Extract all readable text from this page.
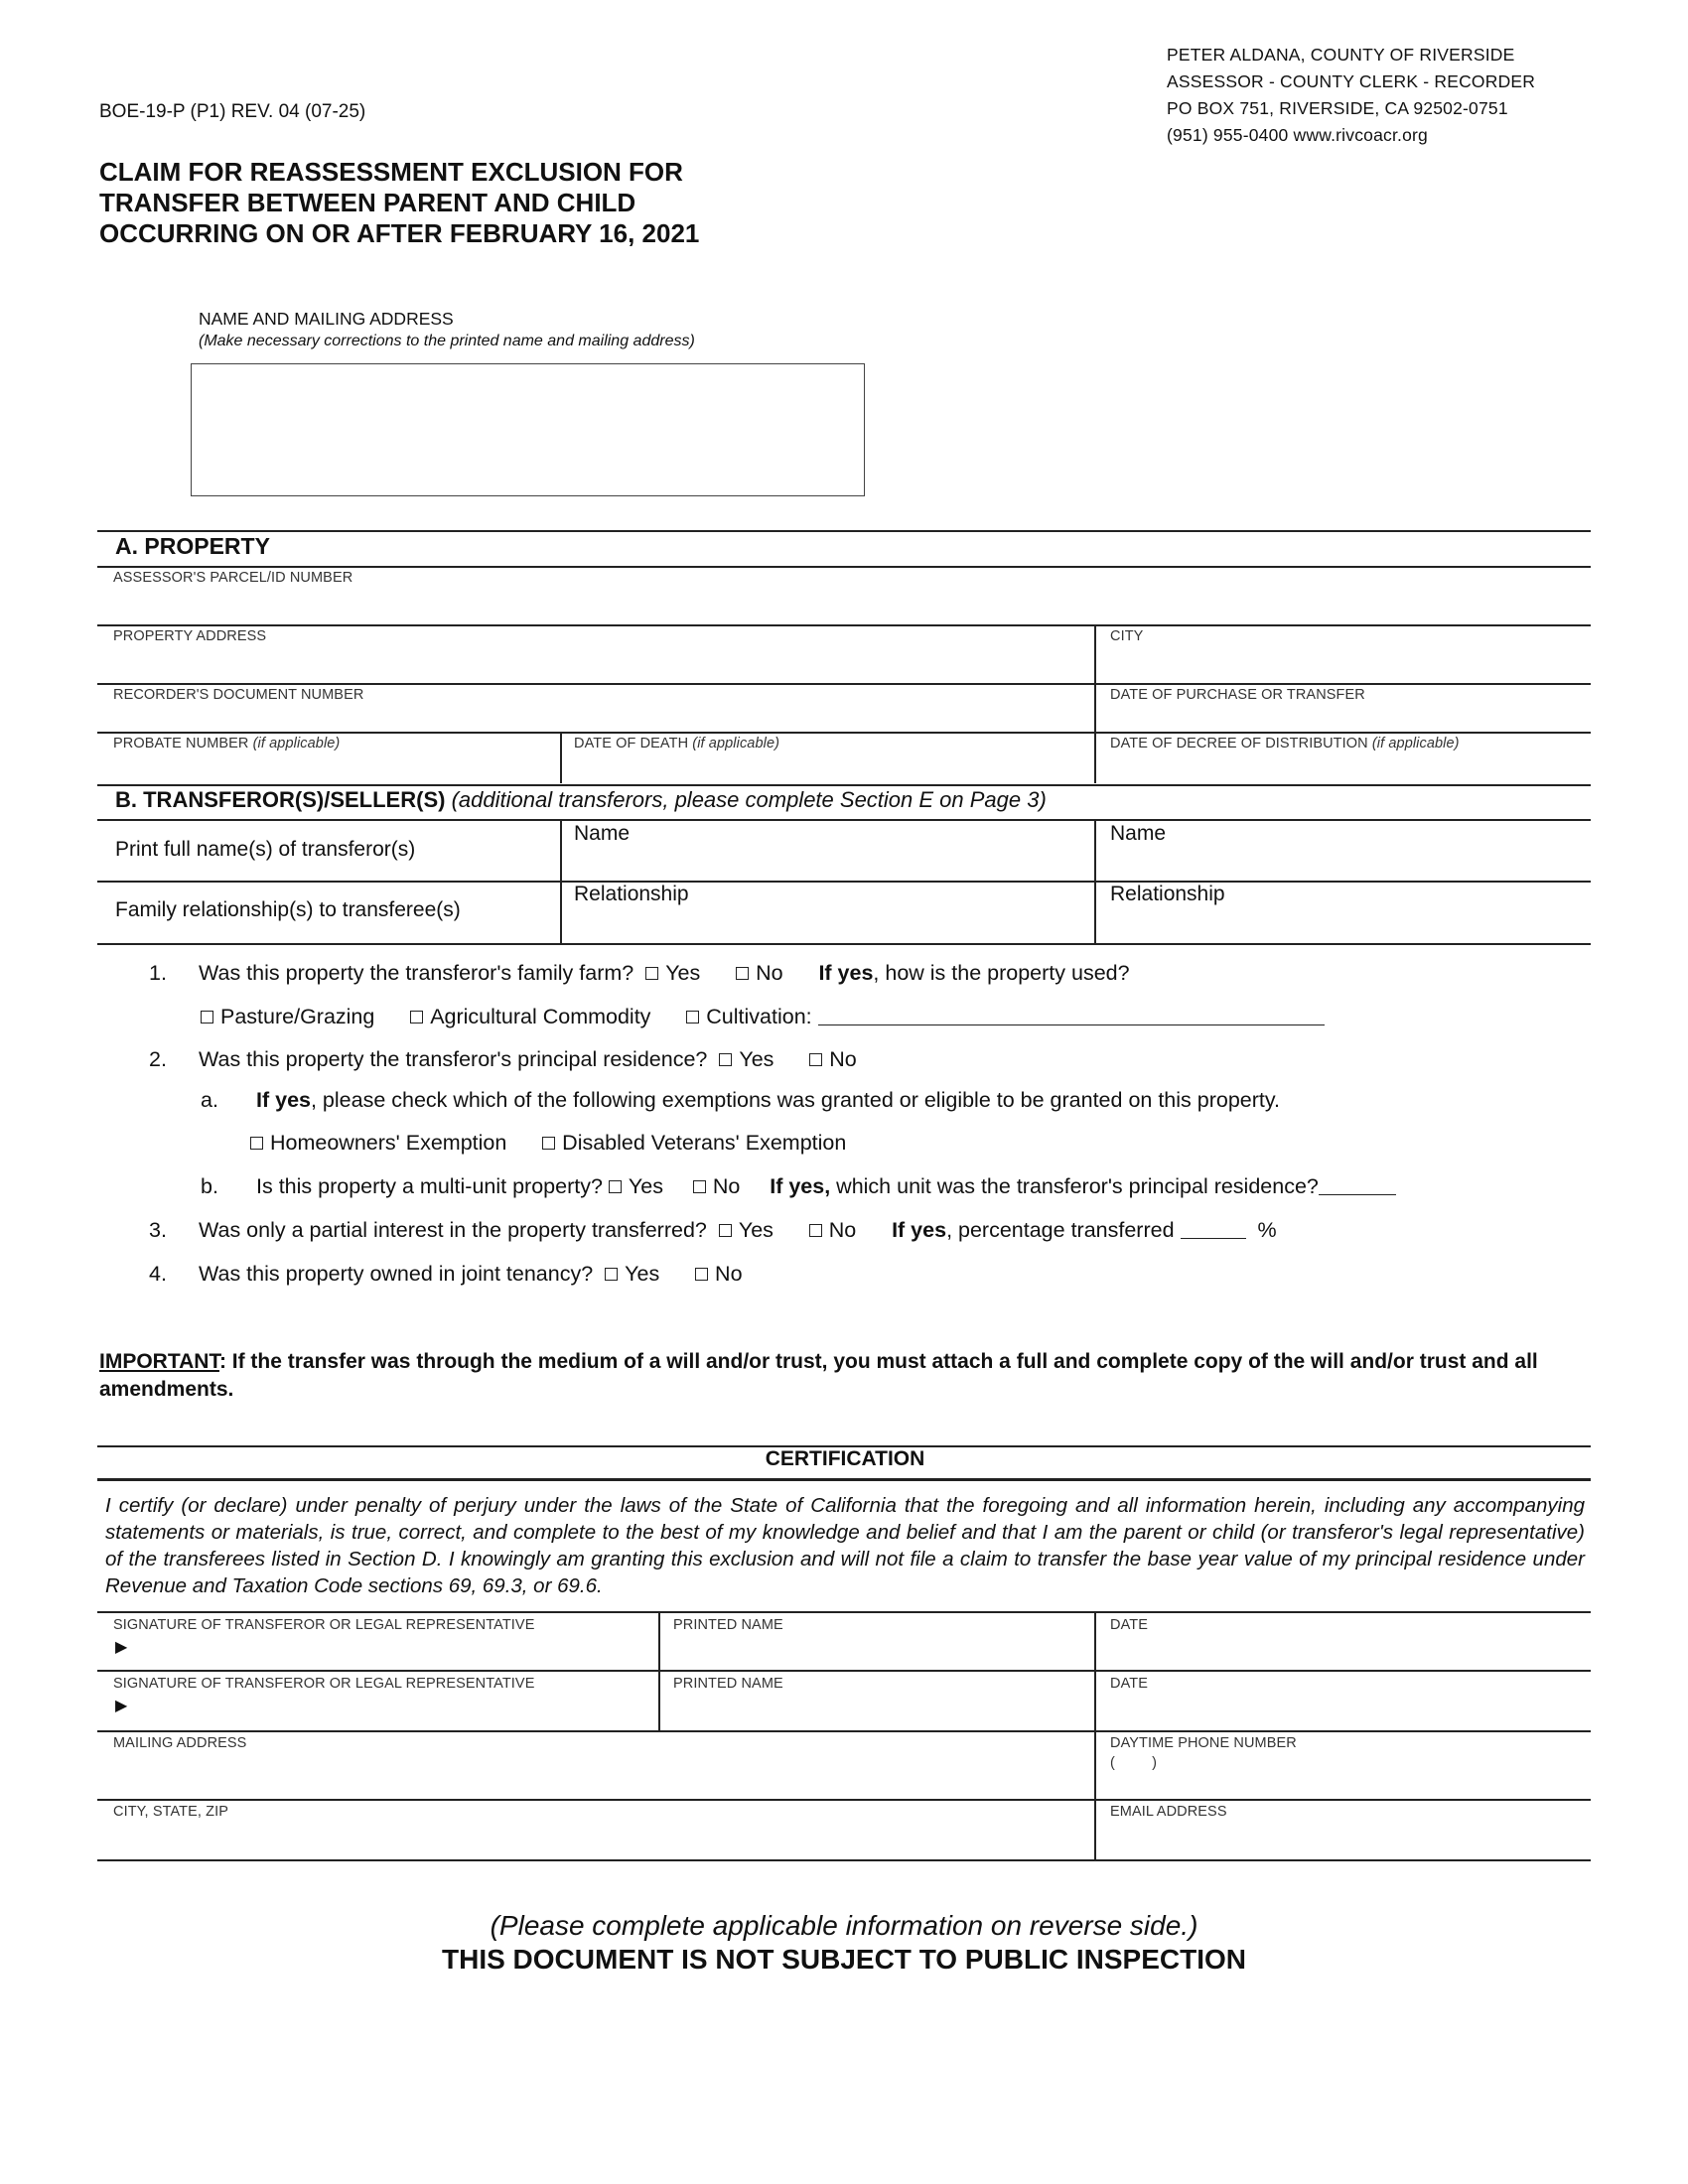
BOE-19-P (P1) REV. 04 (07-25)
PETER ALDANA, COUNTY OF RIVERSIDE
ASSESSOR - COUNTY CLERK - RECORDER
PO BOX 751, RIVERSIDE, CA 92502-0751
(951) 955-0400 www.rivcoacr.org
CLAIM FOR REASSESSMENT EXCLUSION FOR
TRANSFER BETWEEN PARENT AND CHILD
OCCURRING ON OR AFTER FEBRUARY 16, 2021
NAME AND MAILING ADDRESS
(Make necessary corrections to the printed name and mailing address)
A. PROPERTY
ASSESSOR'S PARCEL/ID NUMBER
PROPERTY ADDRESS	CITY
RECORDER'S DOCUMENT NUMBER	DATE OF PURCHASE OR TRANSFER
PROBATE NUMBER (if applicable)	DATE OF DEATH (if applicable)	DATE OF DECREE OF DISTRIBUTION (if applicable)
B. TRANSFEROR(S)/SELLER(S) (additional transferors, please complete Section E on Page 3)
Print full name(s) of transferor(s)
Name	Name
Family relationship(s) to transferee(s)
Relationship	Relationship
1. Was this property the transferor's family farm? Yes	No If yes, how is the property used?
Pasture/Grazing	Agricultural Commodity	Cultivation:
2. Was this property the transferor's principal residence? Yes	No
a. If yes, please check which of the following exemptions was granted or eligible to be granted on this property.
Homeowners' Exemption	Disabled Veterans' Exemption
b. Is this property a multi-unit property? Yes No If yes, which unit was the transferor's principal residence?
3. Was only a partial interest in the property transferred? Yes	No If yes, percentage transferred	%
4. Was this property owned in joint tenancy? Yes	No
IMPORTANT: If the transfer was through the medium of a will and/or trust, you must attach a full and complete copy of the will and/or trust and all amendments.
CERTIFICATION
I certify (or declare) under penalty of perjury under the laws of the State of California that the foregoing and all information herein, including any accompanying statements or materials, is true, correct, and complete to the best of my knowledge and belief and that I am the parent or child (or transferor's legal representative) of the transferees listed in Section D. I knowingly am granting this exclusion and will not file a claim to transfer the base year value of my principal residence under Revenue and Taxation Code sections 69, 69.3, or 69.6.
SIGNATURE OF TRANSFEROR OR LEGAL REPRESENTATIVE
▶
PRINTED NAME	DATE
SIGNATURE OF TRANSFEROR OR LEGAL REPRESENTATIVE
▶
PRINTED NAME	DATE
MAILING ADDRESS	DAYTIME PHONE NUMBER
(         )
CITY, STATE, ZIP	EMAIL ADDRESS
(Please complete applicable information on reverse side.)
THIS DOCUMENT IS NOT SUBJECT TO PUBLIC INSPECTION
